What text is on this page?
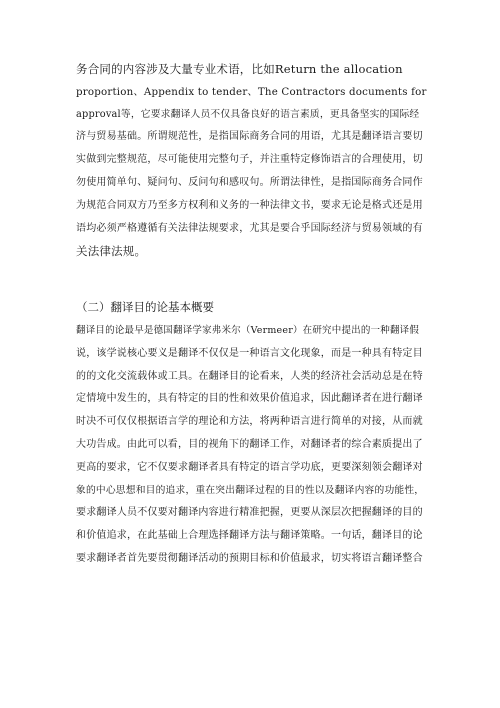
务合同的内容涉及大量专业术语，比如Return the allocation
proportion、Appendix to tender、The Contractors documents for
approval等，它要求翻译人员不仅具备良好的语言素质，更具备坚实的国际经
济与贸易基础。所谓规范性，是指国际商务合同的用语，尤其是翻译语言要切
实做到完整规范，尽可能使用完整句子，并注重特定修饰语言的合理使用，切
勿使用简单句、疑问句、反问句和感叹句。所谓法律性，是指国际商务合同作
为规范合同双方乃至多方权利和义务的一种法律文书，要求无论是格式还是用
语均必须严格遵循有关法律法规要求，尤其是要合乎国际经济与贸易领域的有
关法律法规。
（二）翻译目的论基本概要
翻译目的论最早是德国翻译学家弗米尔（Vermeer）在研究中提出的一种翻译假
说，该学说核心要义是翻译不仅仅是一种语言文化现象，而是一种具有特定目
的的文化交流载体或工具。在翻译目的论看来，人类的经济社会活动总是在特
定情境中发生的，具有特定的目的性和效果价值追求，因此翻译者在进行翻译
时决不可仅仅根据语言学的理论和方法，将两种语言进行简单的对接，从而就
大功告成。由此可以看，目的视角下的翻译工作，对翻译者的综合素质提出了
更高的要求，它不仅要求翻译者具有特定的语言学功底，更要深刻领会翻译对
象的中心思想和目的追求，重在突出翻译过程的目的性以及翻译内容的功能性，
要求翻译人员不仅要对翻译内容进行精准把握，更要从深层次把握翻译的目的
和价值追求，在此基础上合理选择翻译方法与翻译策略。一句话，翻译目的论
要求翻译者首先要贯彻翻译活动的预期目标和价值最求，切实将语言翻译整合
